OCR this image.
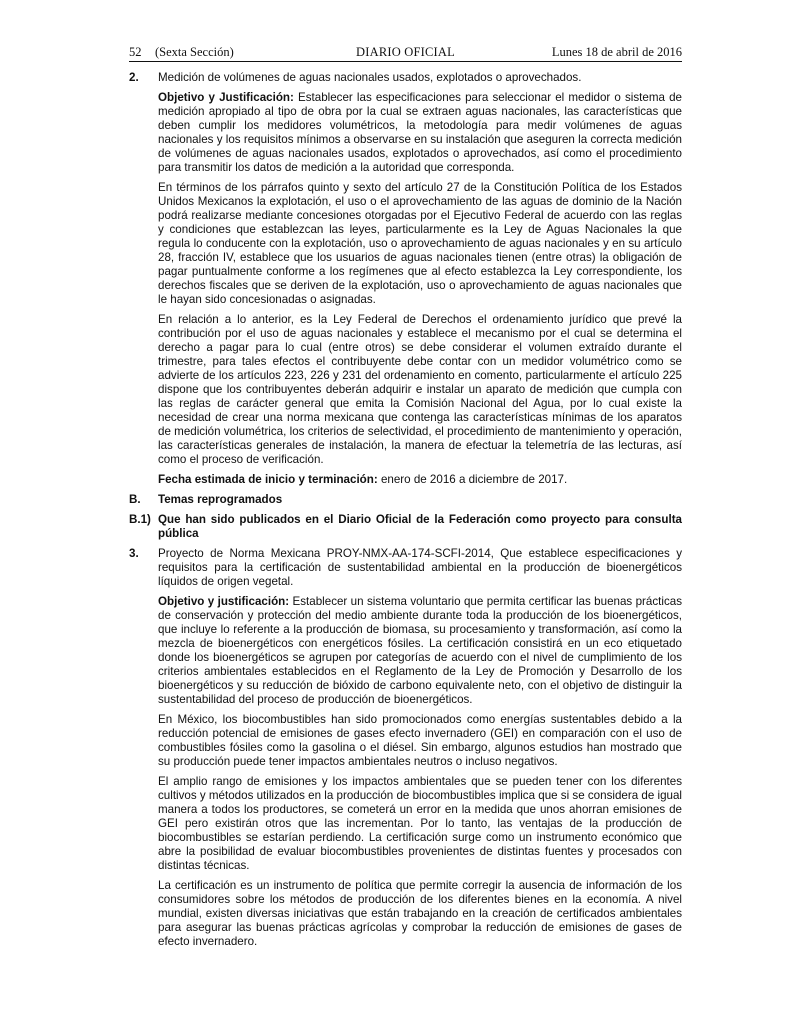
52 (Sexta Sección)	DIARIO OFICIAL	Lunes 18 de abril de 2016
2. Medición de volúmenes de aguas nacionales usados, explotados o aprovechados.

Objetivo y Justificación: Establecer las especificaciones para seleccionar el medidor o sistema de medición apropiado al tipo de obra por la cual se extraen aguas nacionales, las características que deben cumplir los medidores volumétricos, la metodología para medir volúmenes de aguas nacionales y los requisitos mínimos a observarse en su instalación que aseguren la correcta medición de volúmenes de aguas nacionales usados, explotados o aprovechados, así como el procedimiento para transmitir los datos de medición a la autoridad que corresponda.

En términos de los párrafos quinto y sexto del artículo 27 de la Constitución Política de los Estados Unidos Mexicanos la explotación, el uso o el aprovechamiento de las aguas de dominio de la Nación podrá realizarse mediante concesiones otorgadas por el Ejecutivo Federal de acuerdo con las reglas y condiciones que establezcan las leyes, particularmente es la Ley de Aguas Nacionales la que regula lo conducente con la explotación, uso o aprovechamiento de aguas nacionales y en su artículo 28, fracción IV, establece que los usuarios de aguas nacionales tienen (entre otras) la obligación de pagar puntualmente conforme a los regímenes que al efecto establezca la Ley correspondiente, los derechos fiscales que se deriven de la explotación, uso o aprovechamiento de aguas nacionales que le hayan sido concesionadas o asignadas.

En relación a lo anterior, es la Ley Federal de Derechos el ordenamiento jurídico que prevé la contribución por el uso de aguas nacionales y establece el mecanismo por el cual se determina el derecho a pagar para lo cual (entre otros) se debe considerar el volumen extraído durante el trimestre, para tales efectos el contribuyente debe contar con un medidor volumétrico como se advierte de los artículos 223, 226 y 231 del ordenamiento en comento, particularmente el artículo 225 dispone que los contribuyentes deberán adquirir e instalar un aparato de medición que cumpla con las reglas de carácter general que emita la Comisión Nacional del Agua, por lo cual existe la necesidad de crear una norma mexicana que contenga las características mínimas de los aparatos de medición volumétrica, los criterios de selectividad, el procedimiento de mantenimiento y operación, las características generales de instalación, la manera de efectuar la telemetría de las lecturas, así como el proceso de verificación.

Fecha estimada de inicio y terminación: enero de 2016 a diciembre de 2017.

B. Temas reprogramados
B.1) Que han sido publicados en el Diario Oficial de la Federación como proyecto para consulta pública
3. Proyecto de Norma Mexicana PROY-NMX-AA-174-SCFI-2014, Que establece especificaciones y requisitos para la certificación de sustentabilidad ambiental en la producción de bioenergéticos líquidos de origen vegetal.

Objetivo y justificación: Establecer un sistema voluntario que permita certificar las buenas prácticas de conservación y protección del medio ambiente durante toda la producción de los bioenergéticos, que incluye lo referente a la producción de biomasa, su procesamiento y transformación, así como la mezcla de bioenergéticos con energéticos fósiles. La certificación consistirá en un eco etiquetado donde los bioenergéticos se agrupen por categorías de acuerdo con el nivel de cumplimiento de los criterios ambientales establecidos en el Reglamento de la Ley de Promoción y Desarrollo de los bioenergéticos y su reducción de bióxido de carbono equivalente neto, con el objetivo de distinguir la sustentabilidad del proceso de producción de bioenergéticos.

En México, los biocombustibles han sido promocionados como energías sustentables debido a la reducción potencial de emisiones de gases efecto invernadero (GEI) en comparación con el uso de combustibles fósiles como la gasolina o el diésel. Sin embargo, algunos estudios han mostrado que su producción puede tener impactos ambientales neutros o incluso negativos.

El amplio rango de emisiones y los impactos ambientales que se pueden tener con los diferentes cultivos y métodos utilizados en la producción de biocombustibles implica que si se considera de igual manera a todos los productores, se cometerá un error en la medida que unos ahorran emisiones de GEI pero existirán otros que las incrementan. Por lo tanto, las ventajas de la producción de biocombustibles se estarían perdiendo. La certificación surge como un instrumento económico que abre la posibilidad de evaluar biocombustibles provenientes de distintas fuentes y procesados con distintas técnicas.

La certificación es un instrumento de política que permite corregir la ausencia de información de los consumidores sobre los métodos de producción de los diferentes bienes en la economía. A nivel mundial, existen diversas iniciativas que están trabajando en la creación de certificados ambientales para asegurar las buenas prácticas agrícolas y comprobar la reducción de emisiones de gases de efecto invernadero.
